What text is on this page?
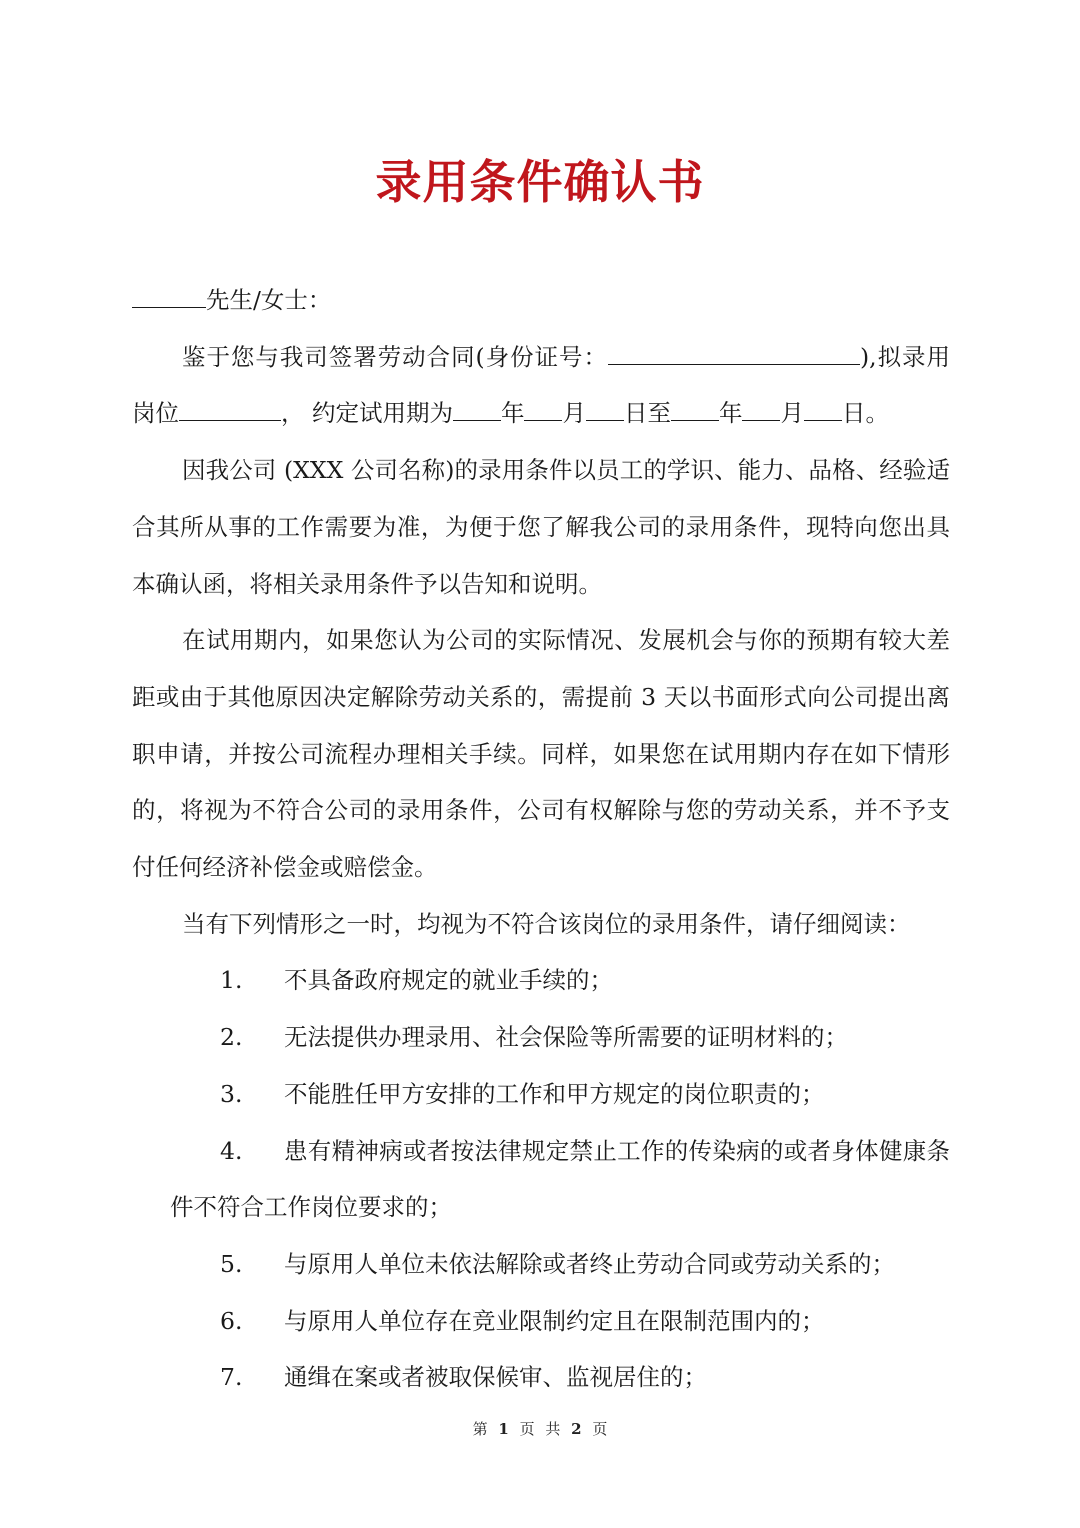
录用条件确认书

先生/女士：

鉴于您与我司签署劳动合同(身份证号：	),拟录用岗位	， 约定试用期为 年 月 日至 年 月 日。

因我公司 (XXX 公司名称)的录用条件以员工的学识、能力、品格、经验适合其所从事的工作需要为准，为便于您了解我公司的录用条件，现特向您出具本确认函，将相关录用条件予以告知和说明。

在试用期内，如果您认为公司的实际情况、发展机会与你的预期有较大差距或由于其他原因决定解除劳动关系的，需提前 3 天以书面形式向公司提出离职申请，并按公司流程办理相关手续。同样，如果您在试用期内存在如下情形的，将视为不符合公司的录用条件，公司有权解除与您的劳动关系，并不予支付任何经济补偿金或赔偿金。

当有下列情形之一时，均视为不符合该岗位的录用条件，请仔细阅读：

1. 不具备政府规定的就业手续的；

2. 无法提供办理录用、社会保险等所需要的证明材料的；

3. 不能胜任甲方安排的工作和甲方规定的岗位职责的；

4. 患有精神病或者按法律规定禁止工作的传染病的或者身体健康条件不符合工作岗位要求的；

5. 与原用人单位未依法解除或者终止劳动合同或劳动关系的；

6. 与原用人单位存在竞业限制约定且在限制范围内的；

7. 通缉在案或者被取保候审、监视居住的；

第 1 页 共 2 页
